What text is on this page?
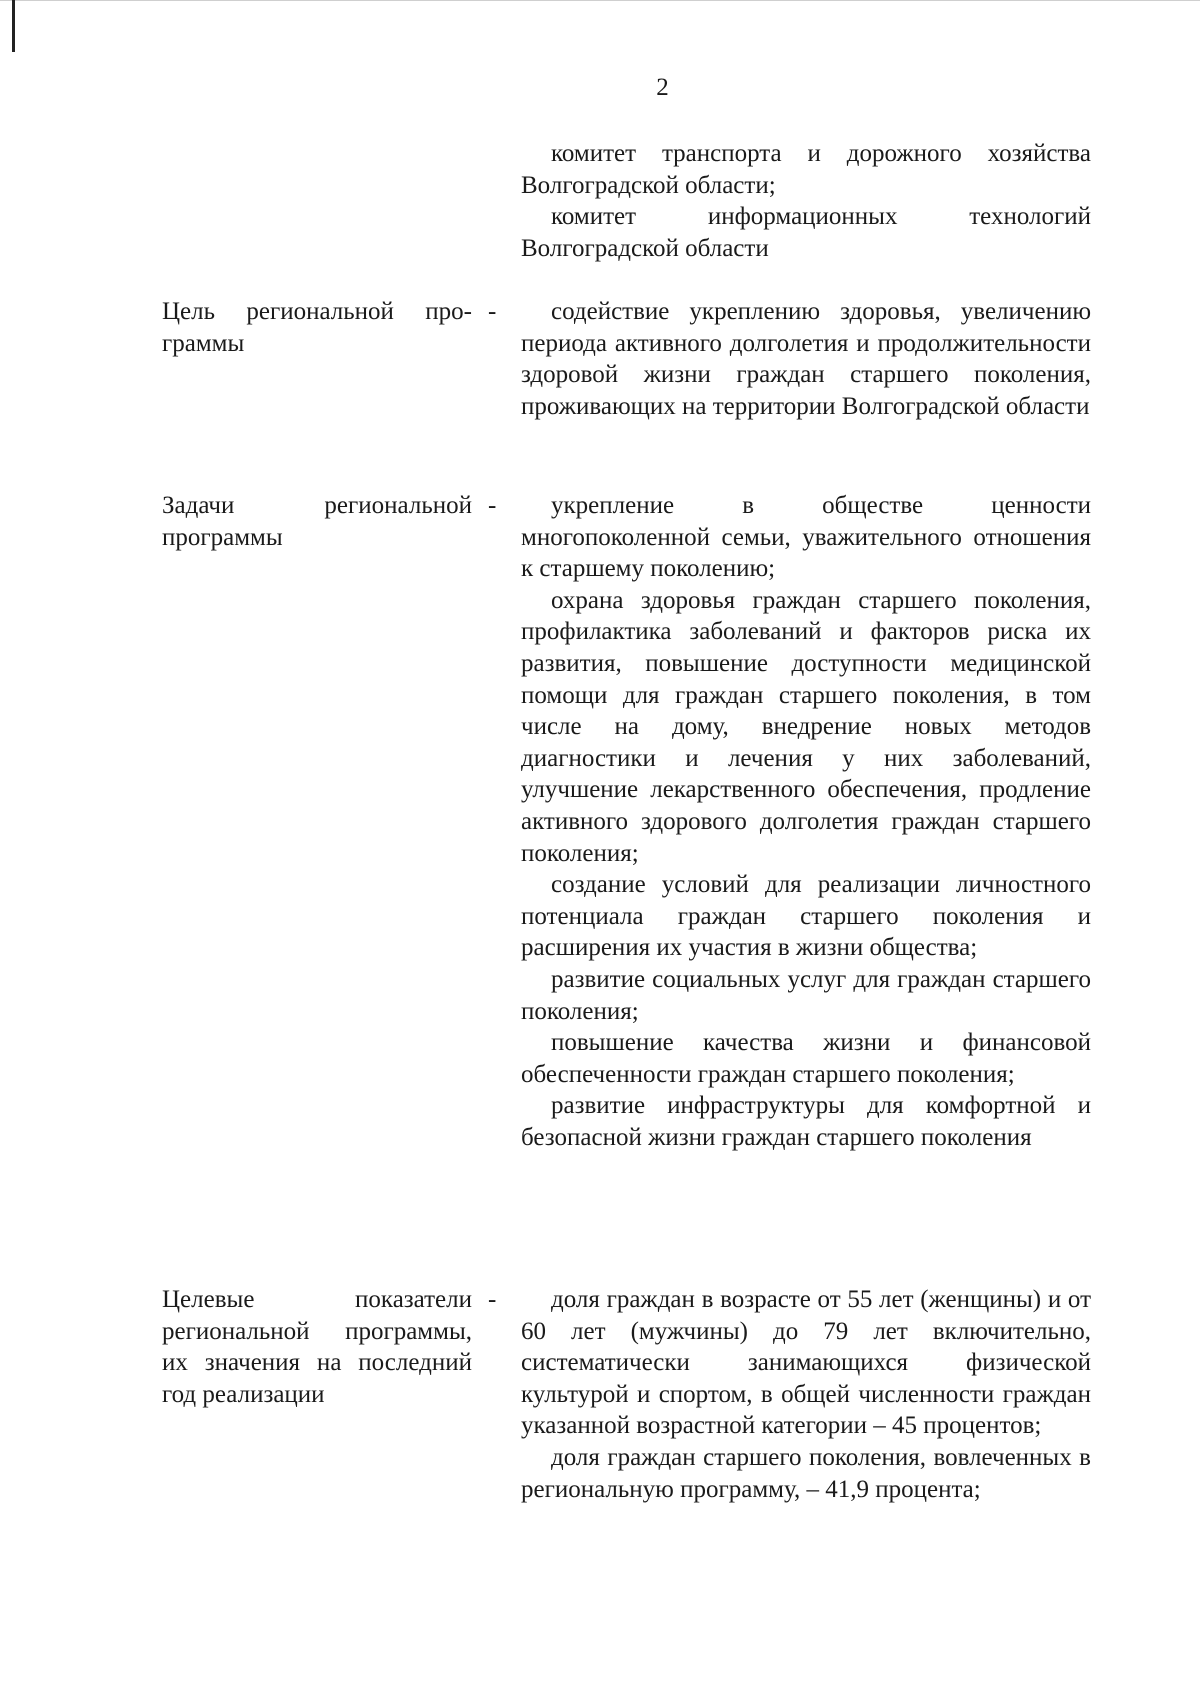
2

комитет транспорта и дорожного хозяйства Волгоградской области;

комитет информационных технологий Волгоградской области

Цель региональной про-
граммы
-	содействие укреплению здоровья, увеличению периода активного долголетия и продолжительности здоровой жизни граждан старшего поколения, проживающих на территории Волгоградской области

Задачи региональной
программы
-	укрепление в обществе ценности многопоколенной семьи, уважительного отношения к старшему поколению;

охрана здоровья граждан старшего поколения, профилактика заболеваний и факторов риска их развития, повышение доступности медицинской помощи для граждан старшего поколения, в том числе на дому, внедрение новых методов диагностики и лечения у них заболеваний, улучшение лекарственного обеспечения, продление активного здорового долголетия граждан старшего поколения;

создание условий для реализации личностного потенциала граждан старшего поколения и расширения их участия в жизни общества;

развитие социальных услуг для граждан старшего поколения;

повышение качества жизни и финансовой обеспеченности граждан старшего поколения;

развитие инфраструктуры для комфортной и безопасной жизни граждан старшего поколения

Целевые показатели
региональной программы,
их значения на последний
год реализации
-	доля граждан в возрасте от 55 лет (женщины) и от 60 лет (мужчины) до 79 лет включительно, систематически занимающихся физической культурой и спортом, в общей численности граждан указанной возрастной категории – 45 процентов;

доля граждан старшего поколения, вовлеченных в региональную программу, – 41,9 процента;
